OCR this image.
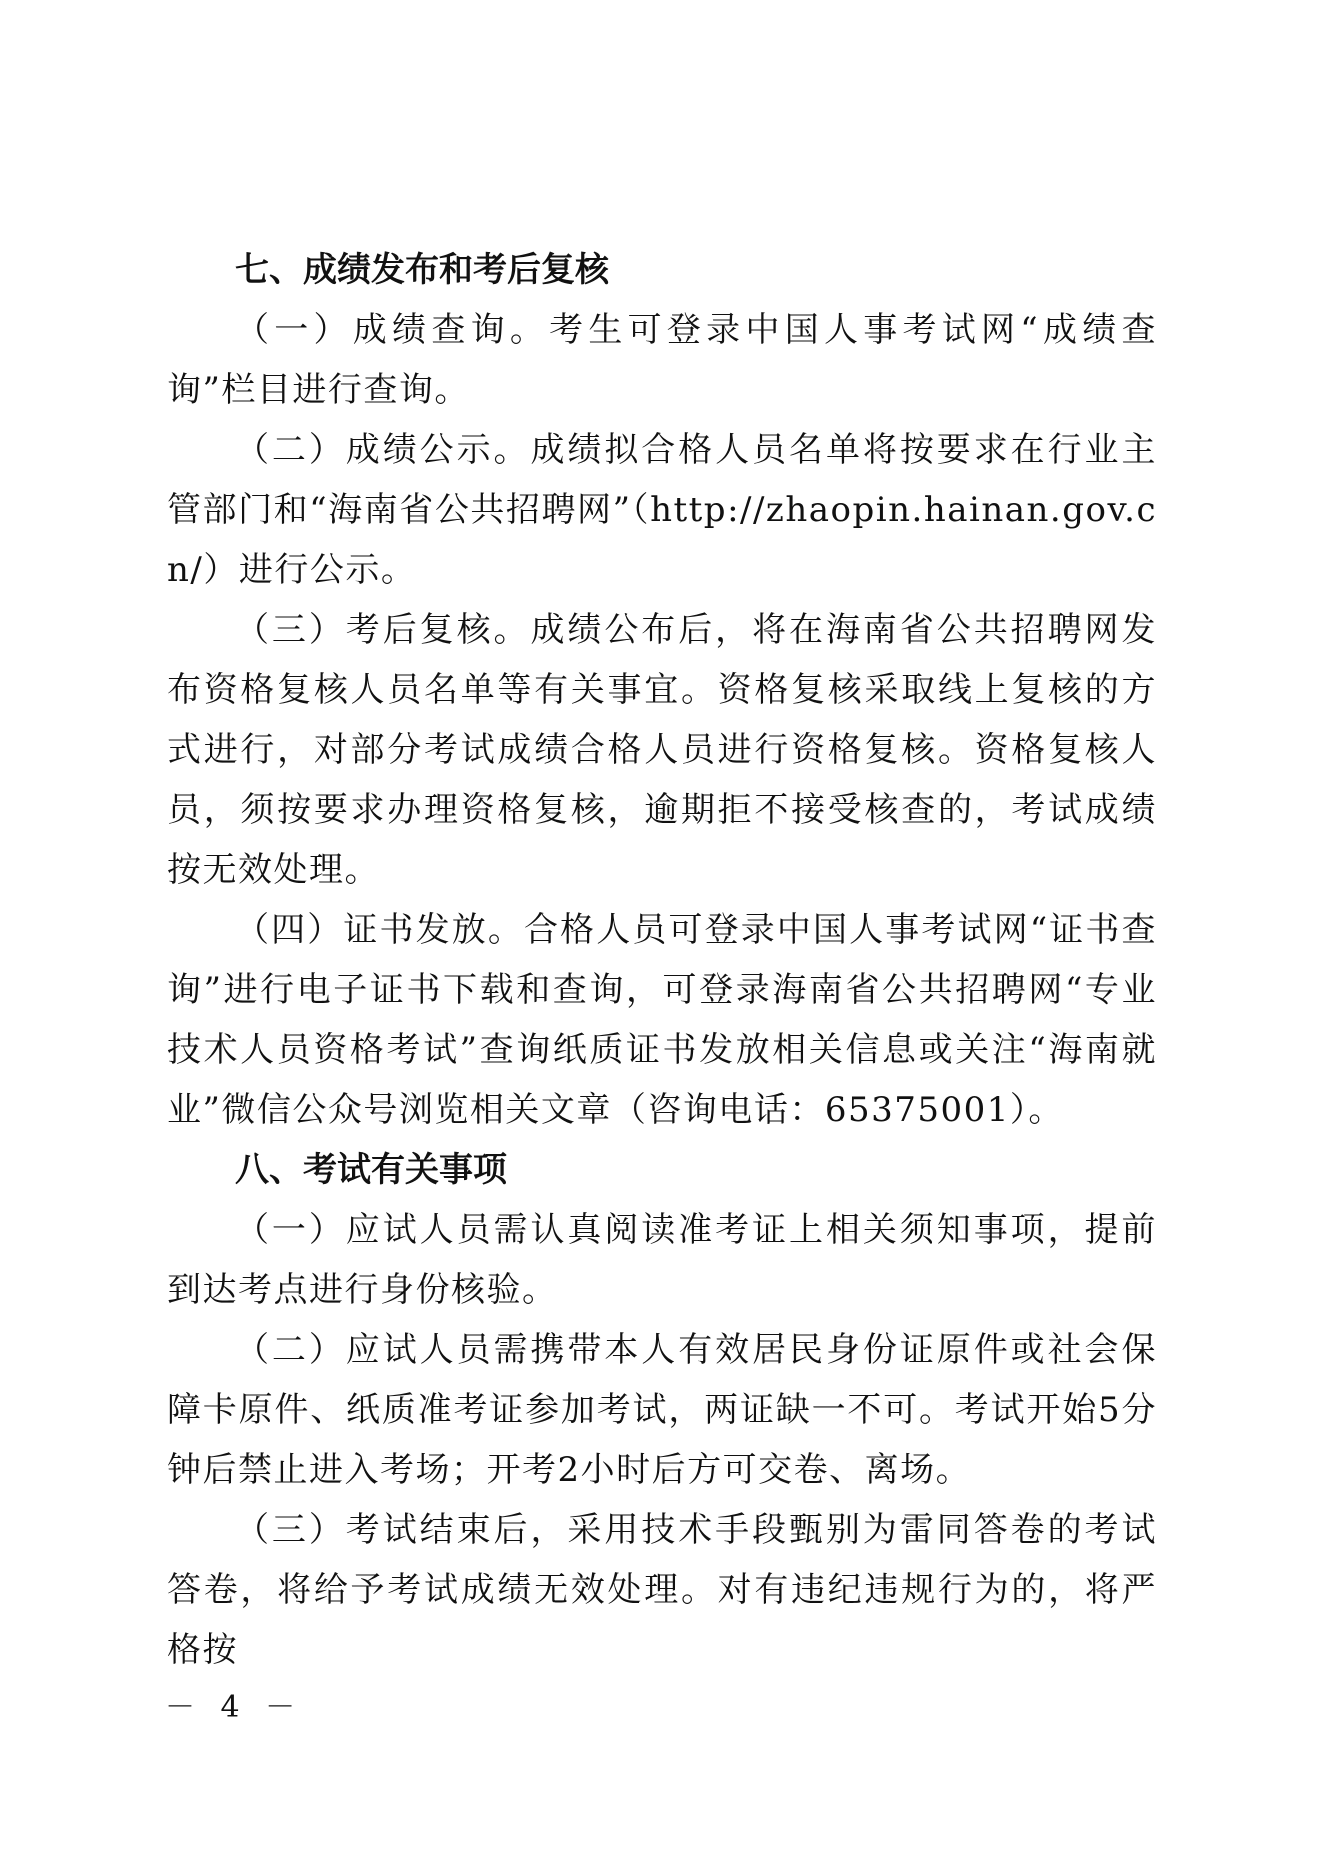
七、成绩发布和考后复核

（一）成绩查询。考生可登录中国人事考试网“成绩查询”栏目进行查询。

（二）成绩公示。成绩拟合格人员名单将按要求在行业主管部门和“海南省公共招聘网”（http://zhaopin.hainan.gov.cn/）进行公示。

（三）考后复核。成绩公布后，将在海南省公共招聘网发布资格复核人员名单等有关事宜。资格复核采取线上复核的方式进行，对部分考试成绩合格人员进行资格复核。资格复核人员，须按要求办理资格复核，逾期拒不接受核查的，考试成绩按无效处理。

（四）证书发放。合格人员可登录中国人事考试网“证书查询”进行电子证书下载和查询，可登录海南省公共招聘网“专业技术人员资格考试”查询纸质证书发放相关信息或关注“海南就业”微信公众号浏览相关文章（咨询电话：65375001）。

八、考试有关事项

（一）应试人员需认真阅读准考证上相关须知事项，提前到达考点进行身份核验。

（二）应试人员需携带本人有效居民身份证原件或社会保障卡原件、纸质准考证参加考试，两证缺一不可。考试开始5分钟后禁止进入考场；开考2小时后方可交卷、离场。

（三）考试结束后，采用技术手段甄别为雷同答卷的考试答卷，将给予考试成绩无效处理。对有违纪违规行为的，将严格按

－ 4 －
